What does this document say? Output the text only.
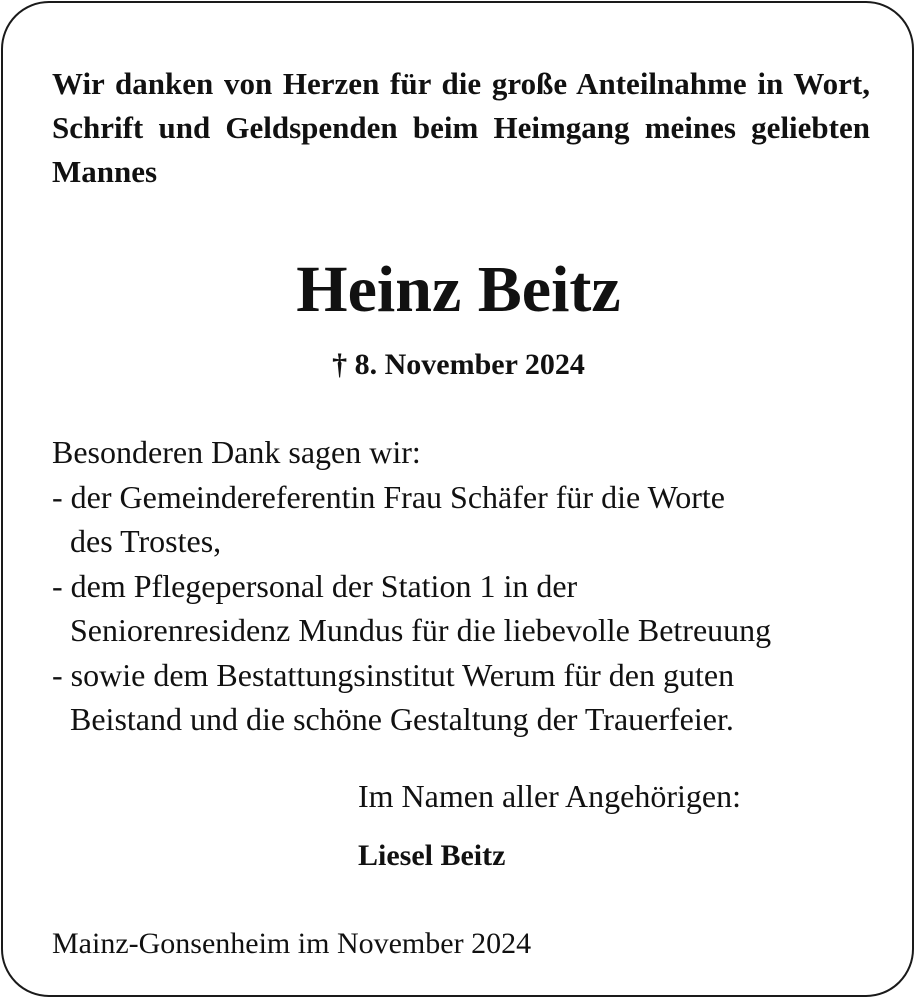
Wir danken von Herzen für die große Anteilnahme in Wort, Schrift und Geldspenden beim Heimgang meines geliebten Mannes
Heinz Beitz
† 8. November 2024
Besonderen Dank sagen wir:
- der Gemeindereferentin Frau Schäfer für die Worte
des Trostes,
- dem Pflegepersonal der Station 1 in der
Seniorenresidenz Mundus für die liebevolle Betreuung
- sowie dem Bestattungsinstitut Werum für den guten
Beistand und die schöne Gestaltung der Trauerfeier.
Im Namen aller Angehörigen:
Liesel Beitz
Mainz-Gonsenheim im November 2024
